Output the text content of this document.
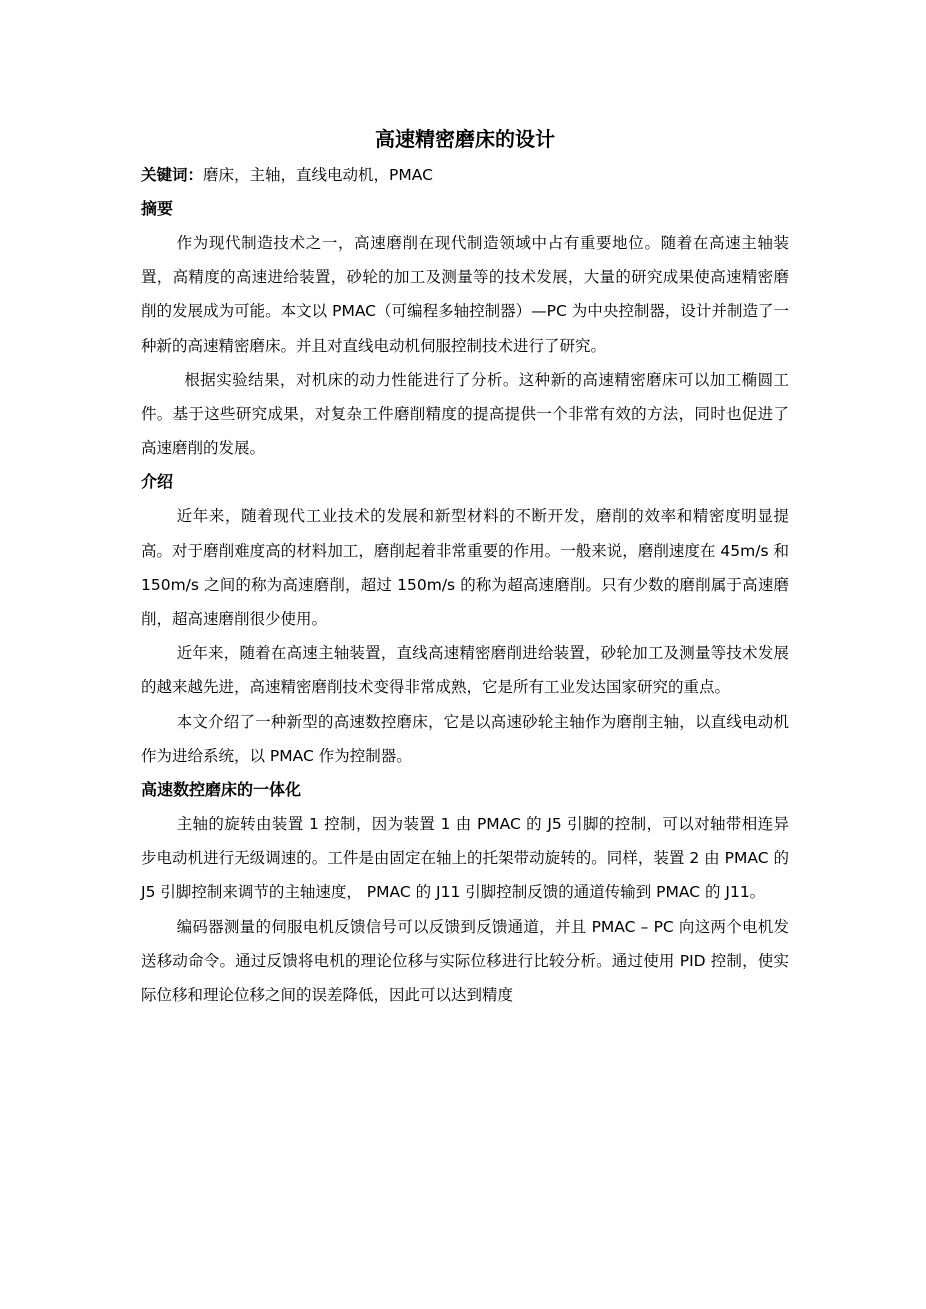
高速精密磨床的设计

关键词：磨床，主轴，直线电动机，PMAC

摘要

作为现代制造技术之一，高速磨削在现代制造领域中占有重要地位。随着在高速主轴装置，高精度的高速进给装置，砂轮的加工及测量等的技术发展，大量的研究成果使高速精密磨削的发展成为可能。本文以 PMAC（可编程多轴控制器）—PC 为中央控制器，设计并制造了一种新的高速精密磨床。并且对直线电动机伺服控制技术进行了研究。

根据实验结果，对机床的动力性能进行了分析。这种新的高速精密磨床可以加工椭圆工件。基于这些研究成果，对复杂工件磨削精度的提高提供一个非常有效的方法，同时也促进了高速磨削的发展。

介绍

近年来，随着现代工业技术的发展和新型材料的不断开发，磨削的效率和精密度明显提高。对于磨削难度高的材料加工，磨削起着非常重要的作用。一般来说，磨削速度在 45m/s 和 150m/s 之间的称为高速磨削，超过 150m/s 的称为超高速磨削。只有少数的磨削属于高速磨削，超高速磨削很少使用。

近年来，随着在高速主轴装置，直线高速精密磨削进给装置，砂轮加工及测量等技术发展的越来越先进，高速精密磨削技术变得非常成熟，它是所有工业发达国家研究的重点。

本文介绍了一种新型的高速数控磨床，它是以高速砂轮主轴作为磨削主轴，以直线电动机作为进给系统，以 PMAC 作为控制器。

高速数控磨床的一体化

主轴的旋转由装置 1 控制，因为装置 1 由 PMAC 的 J5 引脚的控制，可以对轴带相连异步电动机进行无级调速的。工件是由固定在轴上的托架带动旋转的。同样，装置 2 由 PMAC 的 J5 引脚控制来调节的主轴速度， PMAC 的 J11 引脚控制反馈的通道传输到 PMAC 的 J11。

编码器测量的伺服电机反馈信号可以反馈到反馈通道，并且 PMAC – PC 向这两个电机发送移动命令。通过反馈将电机的理论位移与实际位移进行比较分析。通过使用 PID 控制，使实际位移和理论位移之间的误差降低，因此可以达到精度
